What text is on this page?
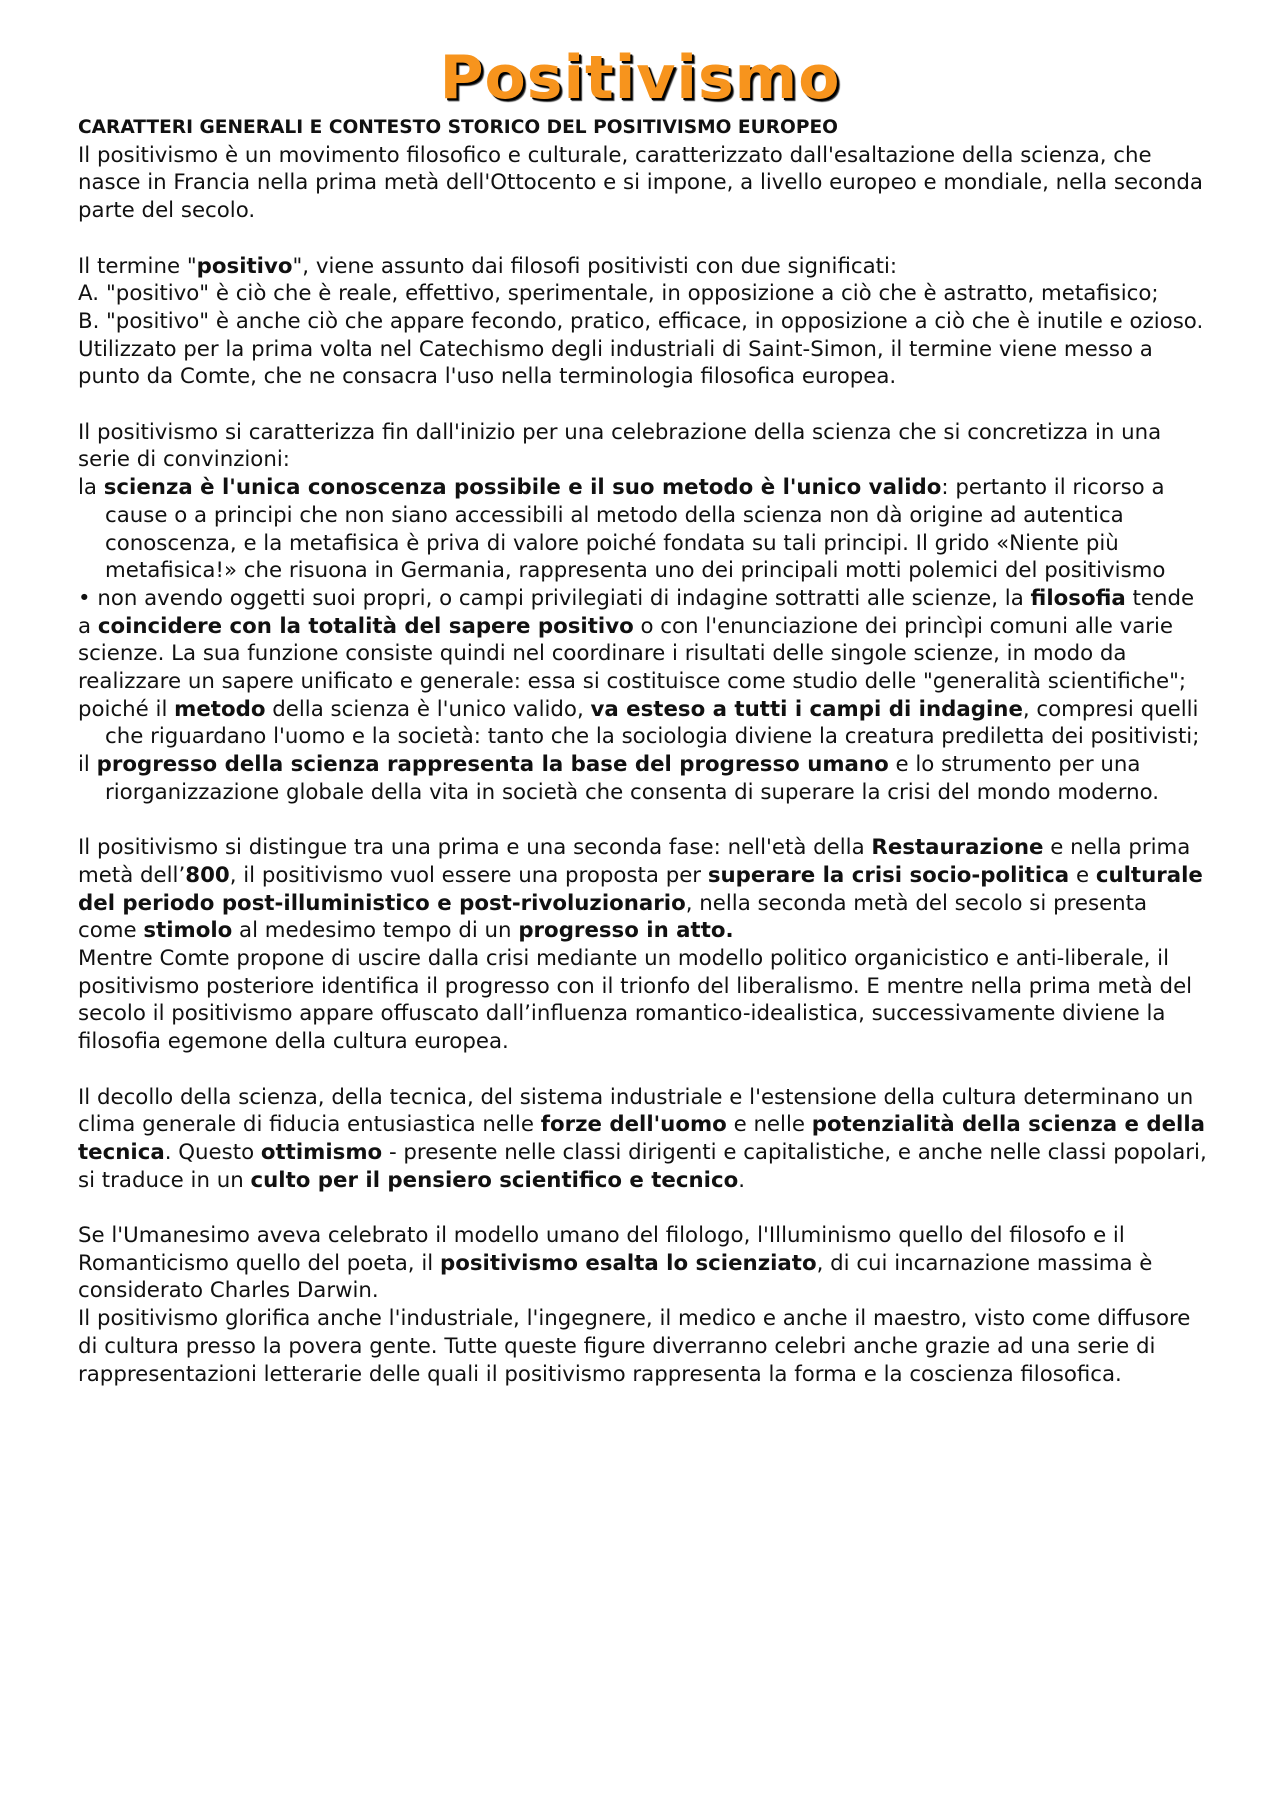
Positivismo

CARATTERI GENERALI E CONTESTO STORICO DEL POSITIVISMO EUROPEO

Il positivismo è un movimento filosofico e culturale, caratterizzato dall'esaltazione della scienza, che nasce in Francia nella prima metà dell'Ottocento e si impone, a livello europeo e mondiale, nella seconda parte del secolo.

Il termine "positivo", viene assunto dai filosofi positivisti con due significati:

A. "positivo" è ciò che è reale, effettivo, sperimentale, in opposizione a ciò che è astratto, metafisico;
B. "positivo" è anche ciò che appare fecondo, pratico, efficace, in opposizione a ciò che è inutile e ozioso.

Utilizzato per la prima volta nel Catechismo degli industriali di Saint-Simon, il termine viene messo a punto da Comte, che ne consacra l'uso nella terminologia filosofica europea.

Il positivismo si caratterizza fin dall'inizio per una celebrazione della scienza che si concretizza in una serie di convinzioni:

la scienza è l'unica conoscenza possibile e il suo metodo è l'unico valido: pertanto il ricorso a cause o a principi che non siano accessibili al metodo della scienza non dà origine ad autentica conoscenza, e la metafisica è priva di valore poiché fondata su tali principi. Il grido «Niente più metafisica!» che risuona in Germania, rappresenta uno dei principali motti polemici del positivismo

• non avendo oggetti suoi propri, o campi privilegiati di indagine sottratti alle scienze, la filosofia tende a coincidere con la totalità del sapere positivo o con l'enunciazione dei princìpi comuni alle varie scienze. La sua funzione consiste quindi nel coordinare i risultati delle singole scienze, in modo da realizzare un sapere unificato e generale: essa si costituisce come studio delle "generalità scientifiche";

poiché il metodo della scienza è l'unico valido, va esteso a tutti i campi di indagine, compresi quelli che riguardano l'uomo e la società: tanto che la sociologia diviene la creatura prediletta dei positivisti;

il progresso della scienza rappresenta la base del progresso umano e lo strumento per una riorganizzazione globale della vita in società che consenta di superare la crisi del mondo moderno.

Il positivismo si distingue tra una prima e una seconda fase: nell'età della Restaurazione e nella prima metà dell’800, il positivismo vuol essere una proposta per superare la crisi socio-politica e culturale del periodo post-illuministico e post-rivoluzionario, nella seconda metà del secolo si presenta come stimolo al medesimo tempo di un progresso in atto.

Mentre Comte propone di uscire dalla crisi mediante un modello politico organicistico e anti-liberale, il positivismo posteriore identifica il progresso con il trionfo del liberalismo. E mentre nella prima metà del secolo il positivismo appare offuscato dall’influenza romantico-idealistica, successivamente diviene la filosofia egemone della cultura europea.

Il decollo della scienza, della tecnica, del sistema industriale e l'estensione della cultura determinano un clima generale di fiducia entusiastica nelle forze dell'uomo e nelle potenzialità della scienza e della tecnica. Questo ottimismo - presente nelle classi dirigenti e capitalistiche, e anche nelle classi popolari, si traduce in un culto per il pensiero scientifico e tecnico.

Se l'Umanesimo aveva celebrato il modello umano del filologo, l'Illuminismo quello del filosofo e il Romanticismo quello del poeta, il positivismo esalta lo scienziato, di cui incarnazione massima è considerato Charles Darwin.

Il positivismo glorifica anche l'industriale, l'ingegnere, il medico e anche il maestro, visto come diffusore di cultura presso la povera gente. Tutte queste figure diverranno celebri anche grazie ad una serie di rappresentazioni letterarie delle quali il positivismo rappresenta la forma e la coscienza filosofica.
